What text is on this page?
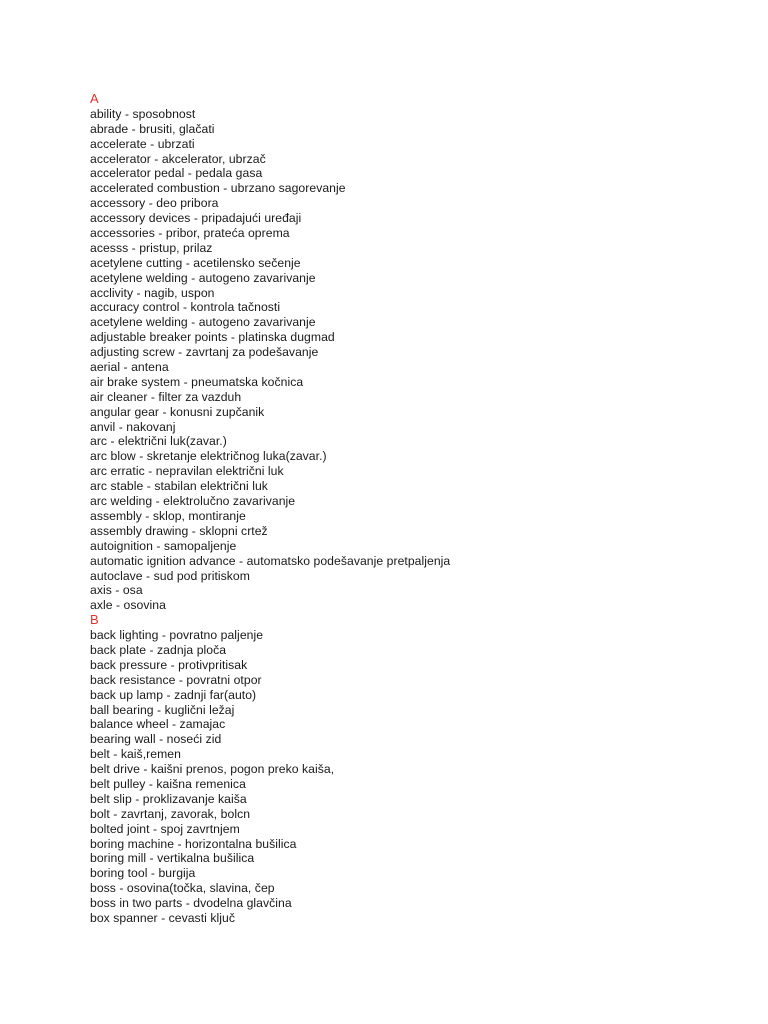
A
ability - sposobnost
abrade - brusiti, glačati
accelerate - ubrzati
accelerator - akcelerator, ubrzač
accelerator pedal - pedala gasa
accelerated combustion - ubrzano sagorevanje
accessory - deo pribora
accessory devices - pripadajući uređaji
accessories - pribor, prateća oprema
acesss - pristup, prilaz
acetylene cutting - acetilensko sečenje
acetylene welding - autogeno zavarivanje
acclivity - nagib, uspon
accuracy control - kontrola tačnosti
acetylene welding - autogeno zavarivanje
adjustable breaker points - platinska dugmad
adjusting screw - zavrtanj za podešavanje
aerial - antena
air brake system - pneumatska kočnica
air cleaner - filter za vazduh
angular gear - konusni zupčanik
anvil - nakovanj
arc - električni luk(zavar.)
arc blow - skretanje električnog luka(zavar.)
arc erratic - nepravilan električni luk
arc stable - stabilan električni luk
arc welding - elektrolučno zavarivanje
assembly - sklop, montiranje
assembly drawing - sklopni crtež
autoignition - samopaljenje
automatic ignition advance - automatsko podešavanje pretpaljenja
autoclave - sud pod pritiskom
axis - osa
axle - osovina
B
back lighting - povratno paljenje
back plate - zadnja ploča
back pressure - protivpritisak
back resistance - povratni otpor
back up lamp - zadnji far(auto)
ball bearing - kuglični ležaj
balance wheel - zamajac
bearing wall - noseći zid
belt - kaiš,remen
belt drive - kaišni prenos, pogon preko kaiša,
belt pulley - kaišna remenica
belt slip - proklizavanje kaiša
bolt - zavrtanj, zavorak, bolcn
bolted joint - spoj zavrtnjem
boring machine - horizontalna bušilica
boring mill - vertikalna bušilica
boring tool - burgija
boss - osovina(točka, slavina, čep
boss in two parts - dvodelna glavčina
box spanner - cevasti ključ
